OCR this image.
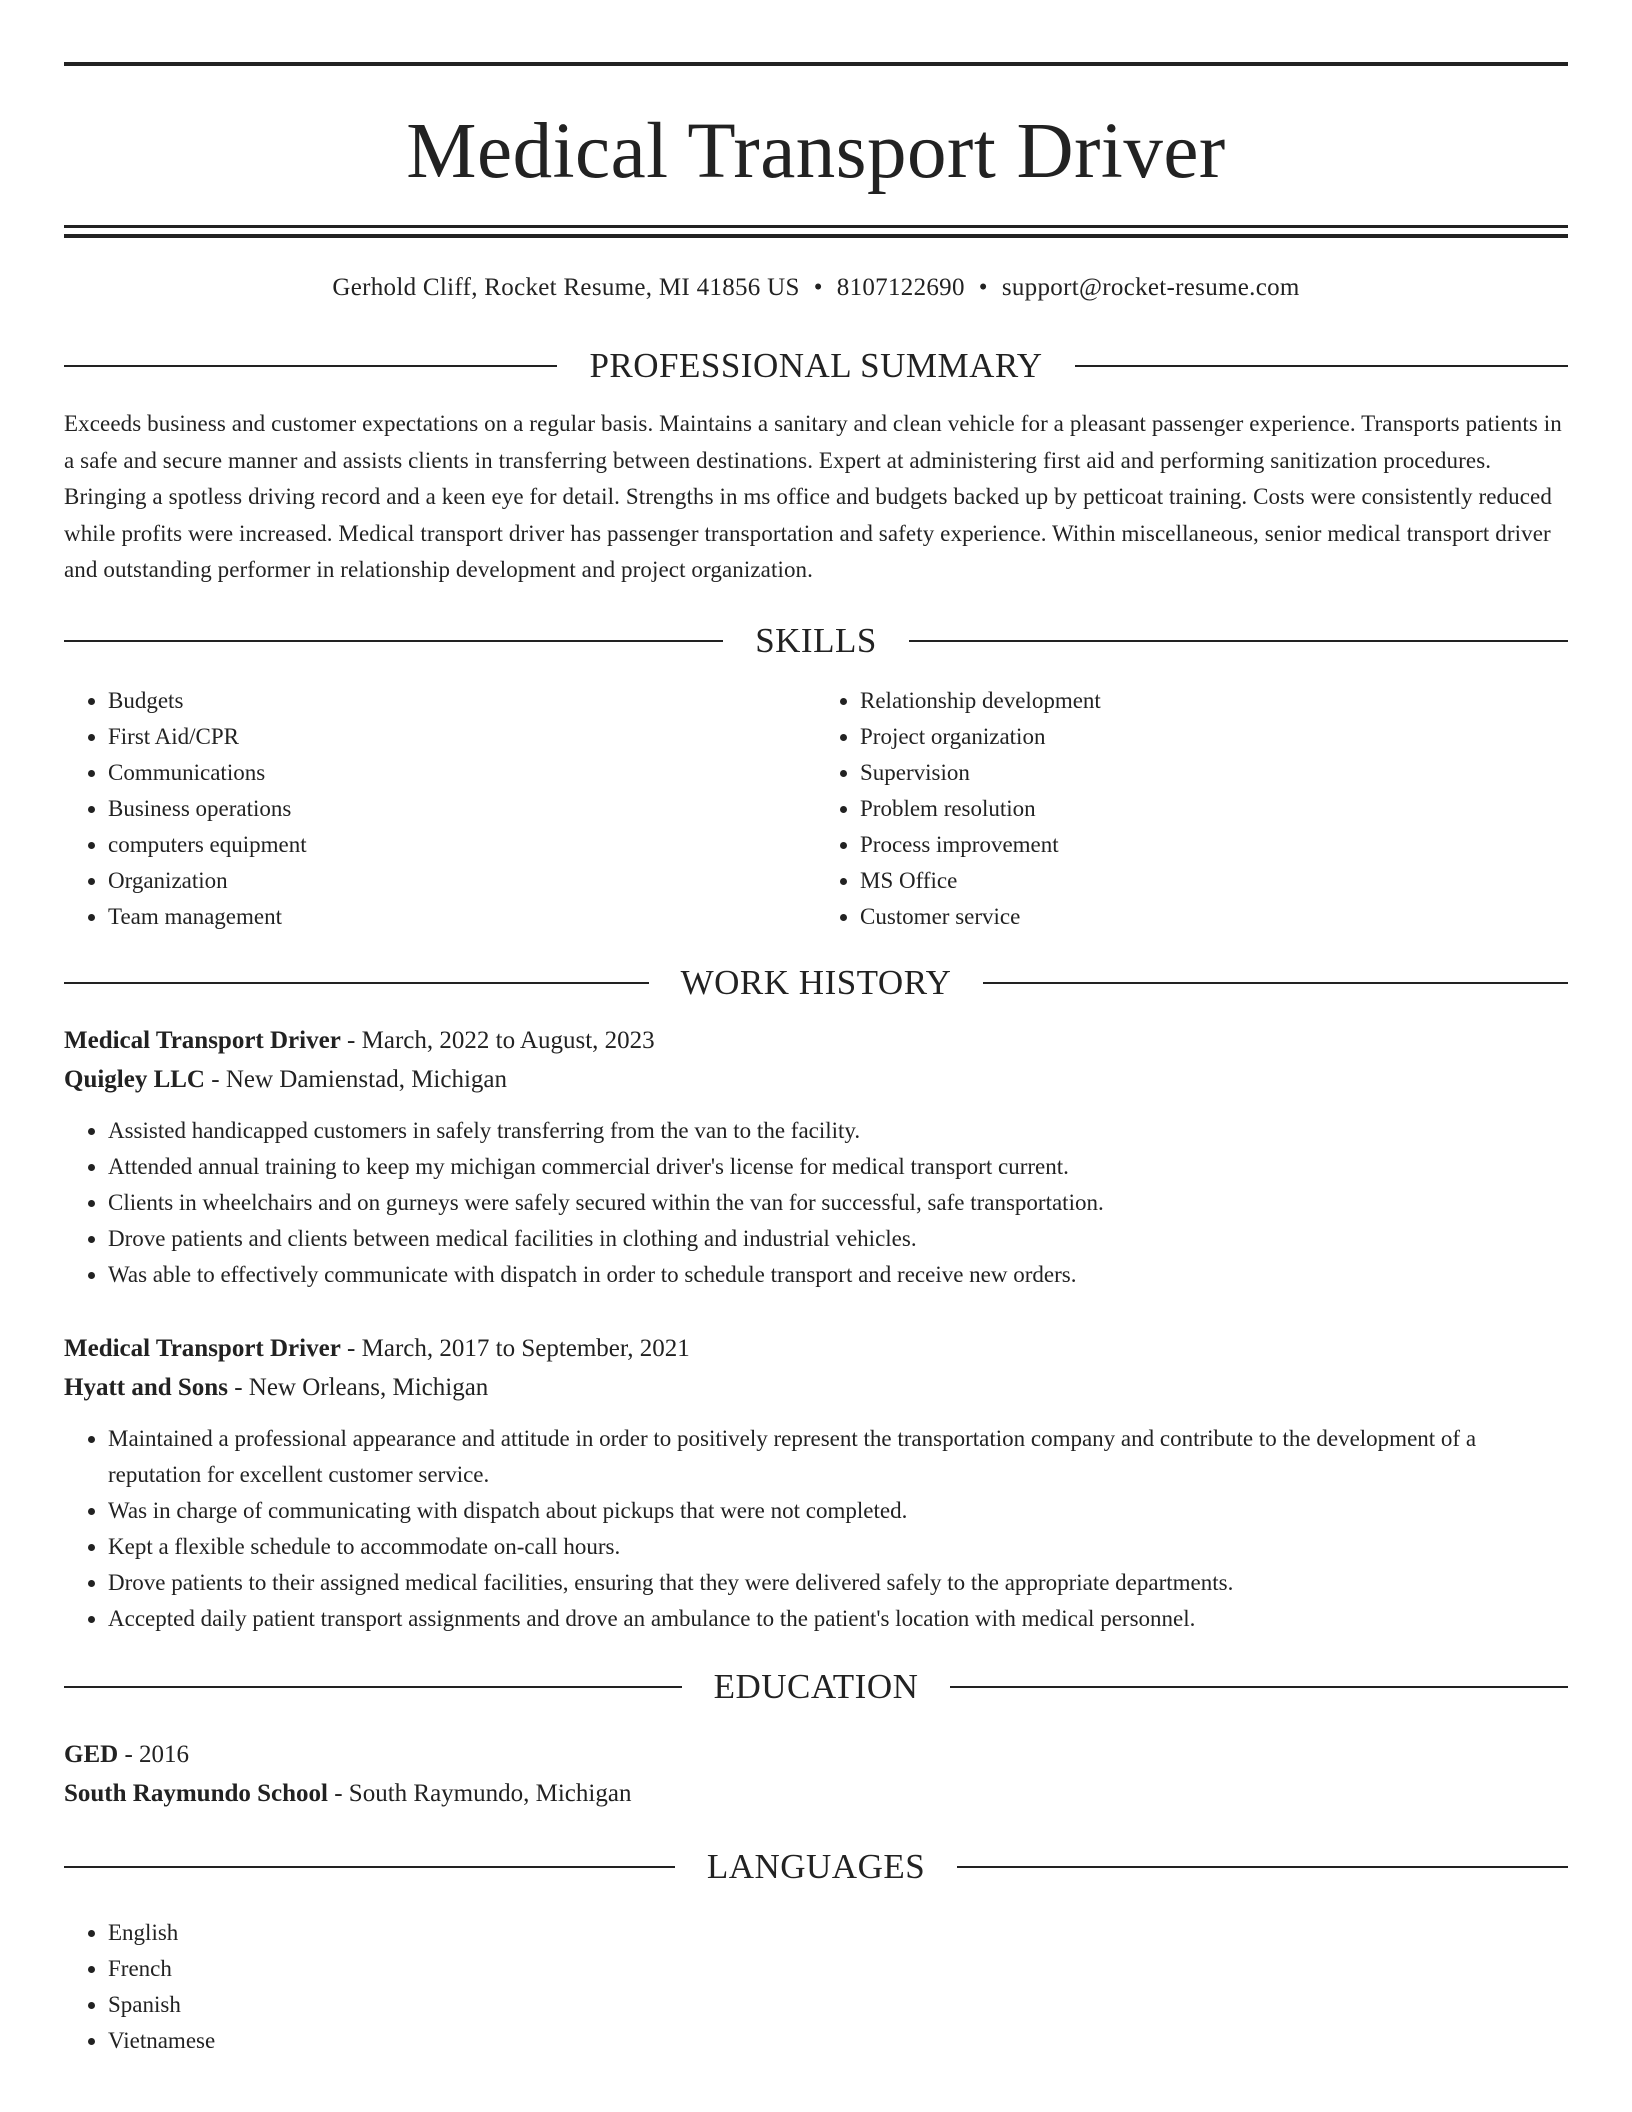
Medical Transport Driver
Gerhold Cliff, Rocket Resume, MI 41856 US • 8107122690 • support@rocket-resume.com
PROFESSIONAL SUMMARY

Exceeds business and customer expectations on a regular basis. Maintains a sanitary and clean vehicle for a pleasant passenger experience. Transports patients in a safe and secure manner and assists clients in transferring between destinations. Expert at administering first aid and performing sanitization procedures. Bringing a spotless driving record and a keen eye for detail. Strengths in ms office and budgets backed up by petticoat training. Costs were consistently reduced while profits were increased. Medical transport driver has passenger transportation and safety experience. Within miscellaneous, senior medical transport driver and outstanding performer in relationship development and project organization.

SKILLS
• Budgets
• First Aid/CPR
• Communications
• Business operations
• computers equipment
• Organization
• Team management
• Relationship development
• Project organization
• Supervision
• Problem resolution
• Process improvement
• MS Office
• Customer service
WORK HISTORY
Medical Transport Driver - March, 2022 to August, 2023
Quigley LLC - New Damienstad, Michigan
• Assisted handicapped customers in safely transferring from the van to the facility.
• Attended annual training to keep my michigan commercial driver's license for medical transport current.
• Clients in wheelchairs and on gurneys were safely secured within the van for successful, safe transportation.
• Drove patients and clients between medical facilities in clothing and industrial vehicles.
• Was able to effectively communicate with dispatch in order to schedule transport and receive new orders.
Medical Transport Driver - March, 2017 to September, 2021
Hyatt and Sons - New Orleans, Michigan
• Maintained a professional appearance and attitude in order to positively represent the transportation company and contribute to the development of a reputation for excellent customer service.
• Was in charge of communicating with dispatch about pickups that were not completed.
• Kept a flexible schedule to accommodate on-call hours.
• Drove patients to their assigned medical facilities, ensuring that they were delivered safely to the appropriate departments.
• Accepted daily patient transport assignments and drove an ambulance to the patient's location with medical personnel.
EDUCATION
GED - 2016
South Raymundo School - South Raymundo, Michigan
LANGUAGES
• English
• French
• Spanish
• Vietnamese
